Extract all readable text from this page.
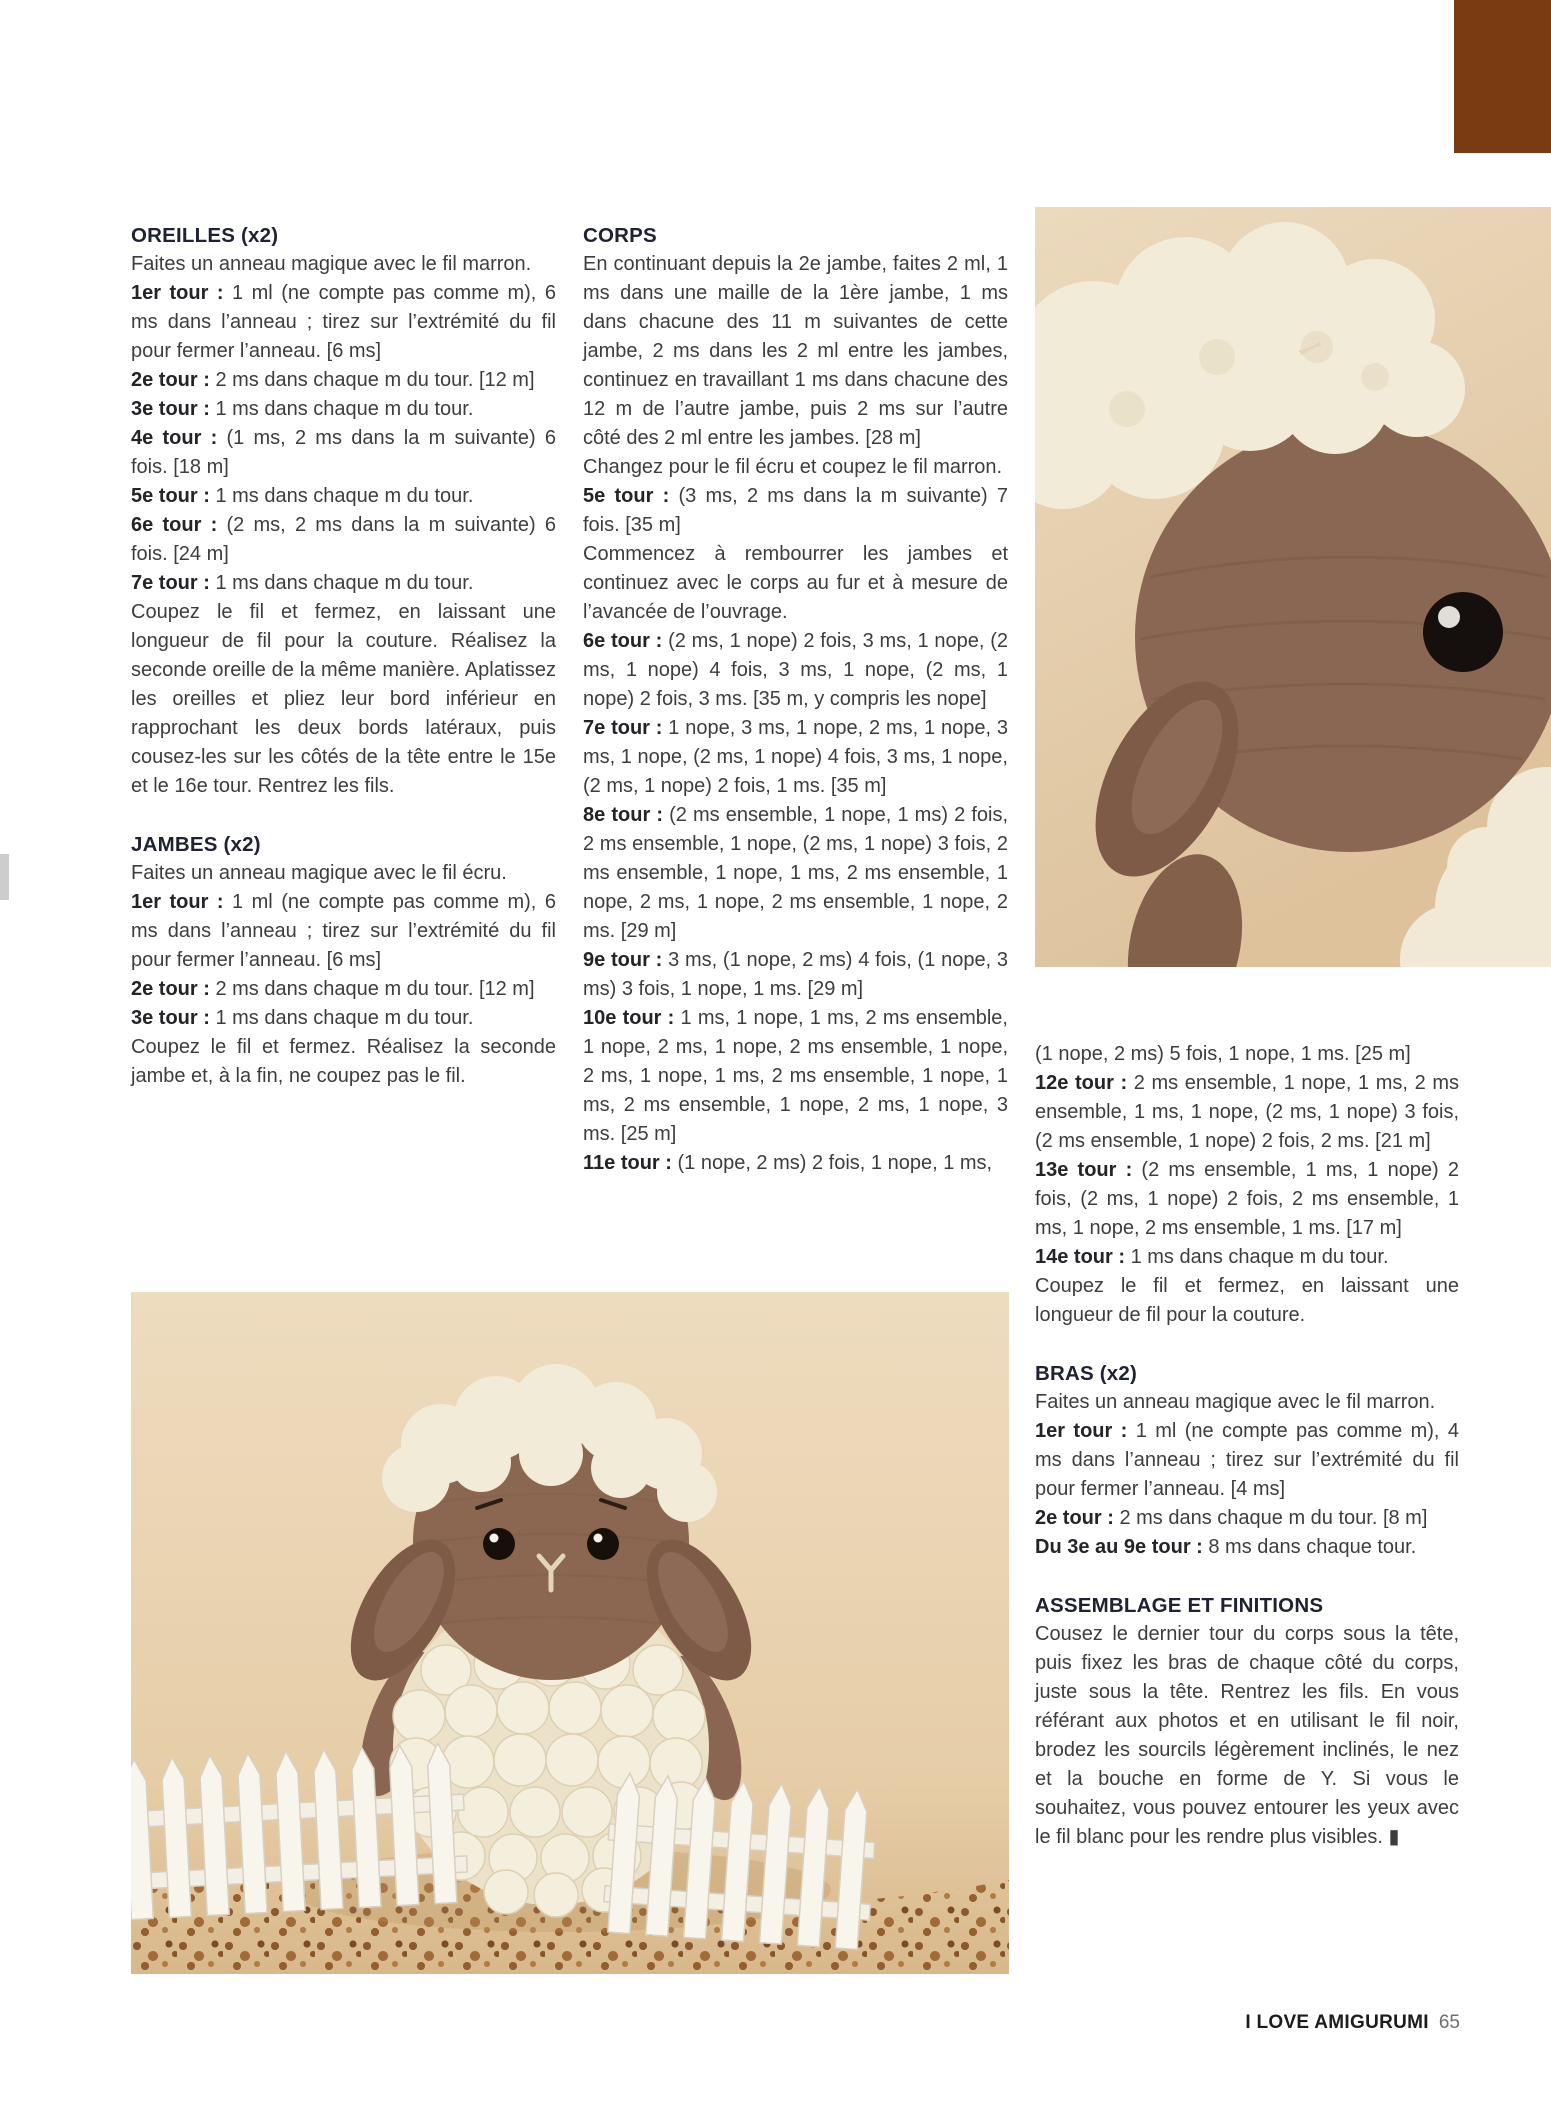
OREILLES (x2)

Faites un anneau magique avec le fil marron.

1er tour : 1 ml (ne compte pas comme m), 6 ms dans l’anneau ; tirez sur l’extrémité du fil pour fermer l’anneau. [6 ms]

2e tour : 2 ms dans chaque m du tour. [12 m]

3e tour : 1 ms dans chaque m du tour.

4e tour : (1 ms, 2 ms dans la m suivante) 6 fois. [18 m]

5e tour : 1 ms dans chaque m du tour.

6e tour : (2 ms, 2 ms dans la m suivante) 6 fois. [24 m]

7e tour : 1 ms dans chaque m du tour.

Coupez le fil et fermez, en laissant une longueur de fil pour la couture. Réalisez la seconde oreille de la même manière. Aplatissez les oreilles et pliez leur bord inférieur en rapprochant les deux bords latéraux, puis cousez-les sur les côtés de la tête entre le 15e et le 16e tour. Rentrez les fils.

JAMBES (x2)

Faites un anneau magique avec le fil écru.

1er tour : 1 ml (ne compte pas comme m), 6 ms dans l’anneau ; tirez sur l’extrémité du fil pour fermer l’anneau. [6 ms]

2e tour : 2 ms dans chaque m du tour. [12 m]

3e tour : 1 ms dans chaque m du tour.

Coupez le fil et fermez. Réalisez la seconde jambe et, à la fin, ne coupez pas le fil.

CORPS

En continuant depuis la 2e jambe, faites 2 ml, 1 ms dans une maille de la 1ère jambe, 1 ms dans chacune des 11 m suivantes de cette jambe, 2 ms dans les 2 ml entre les jambes, continuez en travaillant 1 ms dans chacune des 12 m de l’autre jambe, puis 2 ms sur l’autre côté des 2 ml entre les jambes. [28 m]

Changez pour le fil écru et coupez le fil marron.

5e tour : (3 ms, 2 ms dans la m suivante) 7 fois. [35 m]

Commencez à rembourrer les jambes et continuez avec le corps au fur et à mesure de l’avancée de l’ouvrage.

6e tour : (2 ms, 1 nope) 2 fois, 3 ms, 1 nope, (2 ms, 1 nope) 4 fois, 3 ms, 1 nope, (2 ms, 1 nope) 2 fois, 3 ms. [35 m, y compris les nope]

7e tour : 1 nope, 3 ms, 1 nope, 2 ms, 1 nope, 3 ms, 1 nope, (2 ms, 1 nope) 4 fois, 3 ms, 1 nope, (2 ms, 1 nope) 2 fois, 1 ms. [35 m]

8e tour : (2 ms ensemble, 1 nope, 1 ms) 2 fois, 2 ms ensemble, 1 nope, (2 ms, 1 nope) 3 fois, 2 ms ensemble, 1 nope, 1 ms, 2 ms ensemble, 1 nope, 2 ms, 1 nope, 2 ms ensemble, 1 nope, 2 ms. [29 m]

9e tour : 3 ms, (1 nope, 2 ms) 4 fois, (1 nope, 3 ms) 3 fois, 1 nope, 1 ms. [29 m]

10e tour : 1 ms, 1 nope, 1 ms, 2 ms ensemble, 1 nope, 2 ms, 1 nope, 2 ms ensemble, 1 nope, 2 ms, 1 nope, 1 ms, 2 ms ensemble, 1 nope, 1 ms, 2 ms ensemble, 1 nope, 2 ms, 1 nope, 3 ms. [25 m]

11e tour : (1 nope, 2 ms) 2 fois, 1 nope, 1 ms,

(1 nope, 2 ms) 5 fois, 1 nope, 1 ms. [25 m]

12e tour : 2 ms ensemble, 1 nope, 1 ms, 2 ms ensemble, 1 ms, 1 nope, (2 ms, 1 nope) 3 fois, (2 ms ensemble, 1 nope) 2 fois, 2 ms. [21 m]

13e tour : (2 ms ensemble, 1 ms, 1 nope) 2 fois, (2 ms, 1 nope) 2 fois, 2 ms ensemble, 1 ms, 1 nope, 2 ms ensemble, 1 ms. [17 m]

14e tour : 1 ms dans chaque m du tour.

Coupez le fil et fermez, en laissant une longueur de fil pour la couture.

BRAS (x2)

Faites un anneau magique avec le fil marron.

1er tour : 1 ml (ne compte pas comme m), 4 ms dans l’anneau ; tirez sur l’extrémité du fil pour fermer l’anneau. [4 ms]

2e tour : 2 ms dans chaque m du tour. [8 m]

Du 3e au 9e tour : 8 ms dans chaque tour.

ASSEMBLAGE ET FINITIONS

Cousez le dernier tour du corps sous la tête, puis fixez les bras de chaque côté du corps, juste sous la tête. Rentrez les fils. En vous référant aux photos et en utilisant le fil noir, brodez les sourcils légèrement inclinés, le nez et la bouche en forme de Y. Si vous le souhaitez, vous pouvez entourer les yeux avec le fil blanc pour les rendre plus visibles. ▮

I LOVE AMIGURUMI 65
